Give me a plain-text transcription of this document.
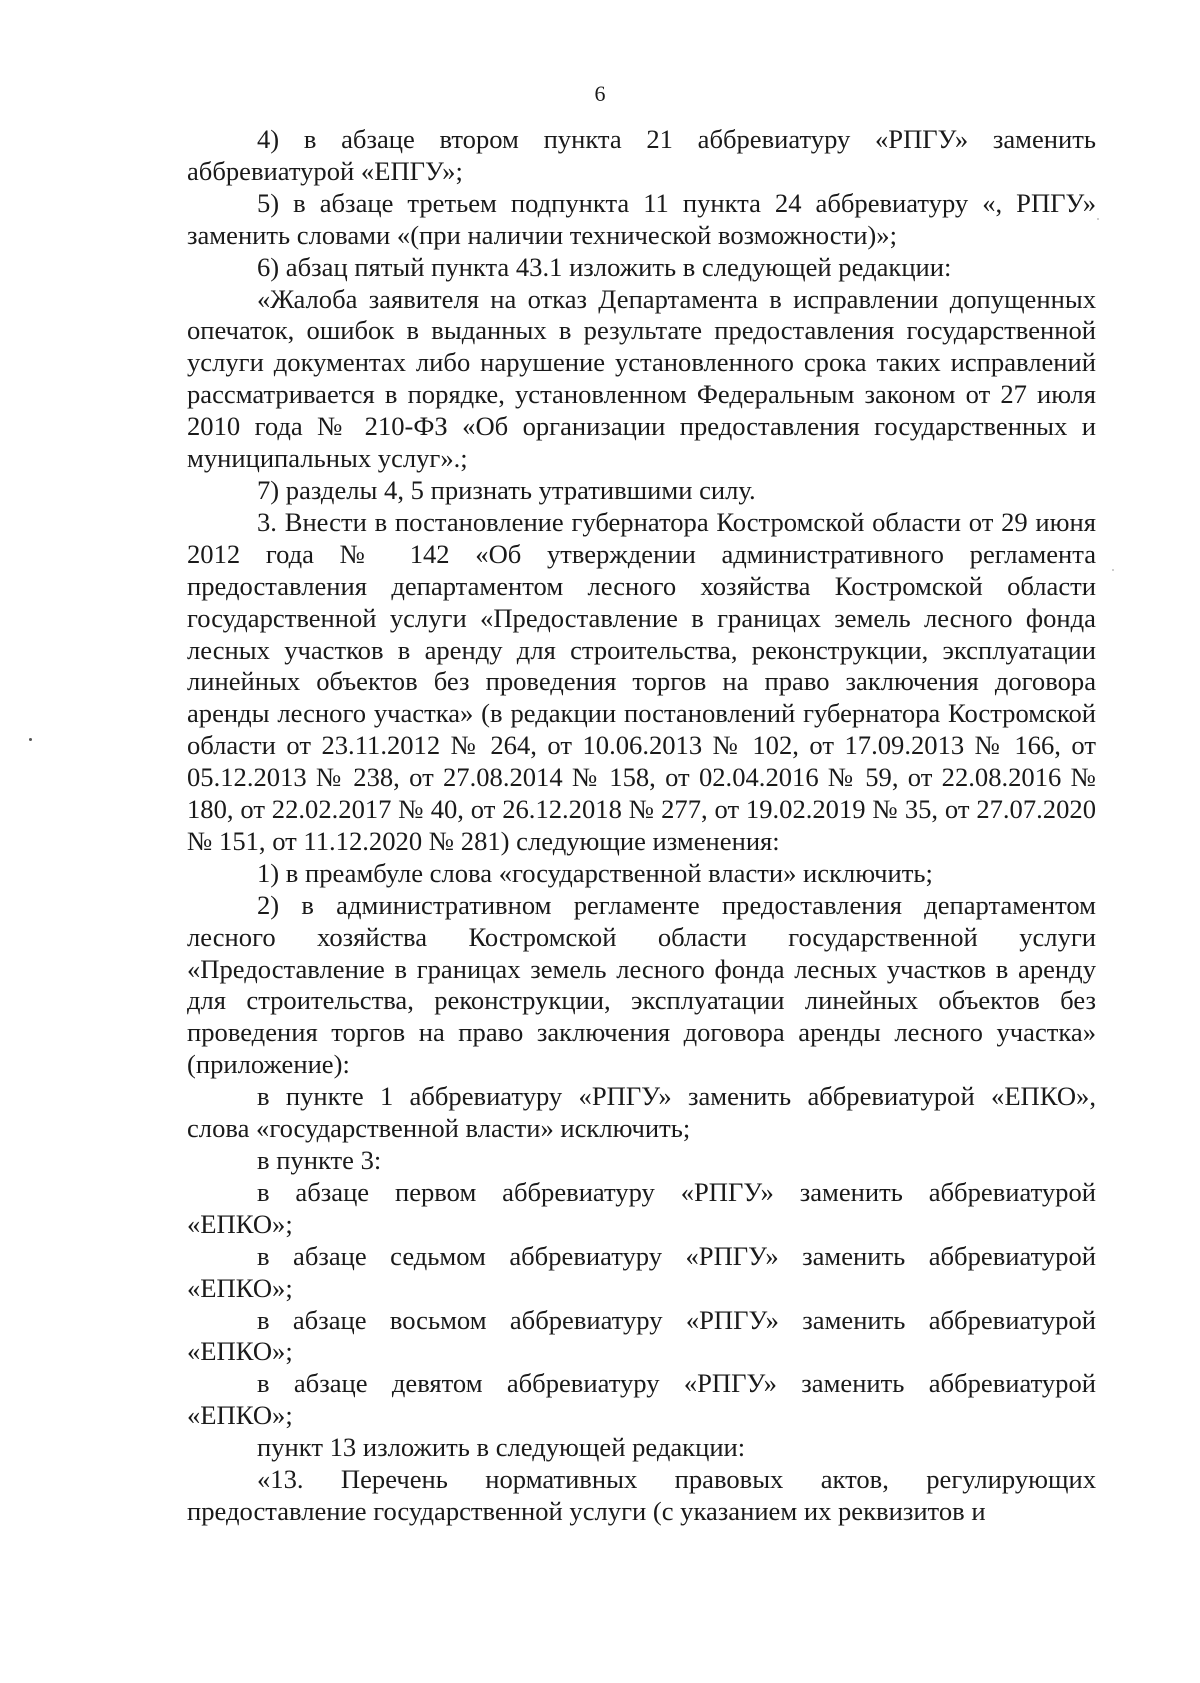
6

4) в абзаце втором пункта 21 аббревиатуру «РПГУ» заменить аббревиатурой «ЕПГУ»;

5) в абзаце третьем подпункта 11 пункта 24 аббревиатуру «, РПГУ» заменить словами «(при наличии технической возможности)»;

6) абзац пятый пункта 43.1 изложить в следующей редакции:

«Жалоба заявителя на отказ Департамента в исправлении допущенных опечаток, ошибок в выданных в результате предоставления государственной услуги документах либо нарушение установленного срока таких исправлений рассматривается в порядке, установленном Федеральным законом от 27 июля 2010 года № 210-ФЗ «Об организации предоставления государственных и муниципальных услуг».;

7) разделы 4, 5 признать утратившими силу.

3. Внести в постановление губернатора Костромской области от 29 июня 2012 года № 142 «Об утверждении административного регламента предоставления департаментом лесного хозяйства Костромской области государственной услуги «Предоставление в границах земель лесного фонда лесных участков в аренду для строительства, реконструкции, эксплуатации линейных объектов без проведения торгов на право заключения договора аренды лесного участка» (в редакции постановлений губернатора Костромской области от 23.11.2012 № 264, от 10.06.2013 № 102, от 17.09.2013 № 166, от 05.12.2013 № 238, от 27.08.2014 № 158, от 02.04.2016 № 59, от 22.08.2016 № 180, от 22.02.2017 № 40, от 26.12.2018 № 277, от 19.02.2019 № 35, от 27.07.2020 № 151, от 11.12.2020 № 281) следующие изменения:

1) в преамбуле слова «государственной власти» исключить;

2) в административном регламенте предоставления департаментом лесного хозяйства Костромской области государственной услуги «Предоставление в границах земель лесного фонда лесных участков в аренду для строительства, реконструкции, эксплуатации линейных объектов без проведения торгов на право заключения договора аренды лесного участка» (приложение):

в пункте 1 аббревиатуру «РПГУ» заменить аббревиатурой «ЕПКО», слова «государственной власти» исключить;

в пункте 3:

в абзаце первом аббревиатуру «РПГУ» заменить аббревиатурой «ЕПКО»;

в абзаце седьмом аббревиатуру «РПГУ» заменить аббревиатурой «ЕПКО»;

в абзаце восьмом аббревиатуру «РПГУ» заменить аббревиатурой «ЕПКО»;

в абзаце девятом аббревиатуру «РПГУ» заменить аббревиатурой «ЕПКО»;

пункт 13 изложить в следующей редакции:

«13. Перечень нормативных правовых актов, регулирующих предоставление государственной услуги (с указанием их реквизитов и
